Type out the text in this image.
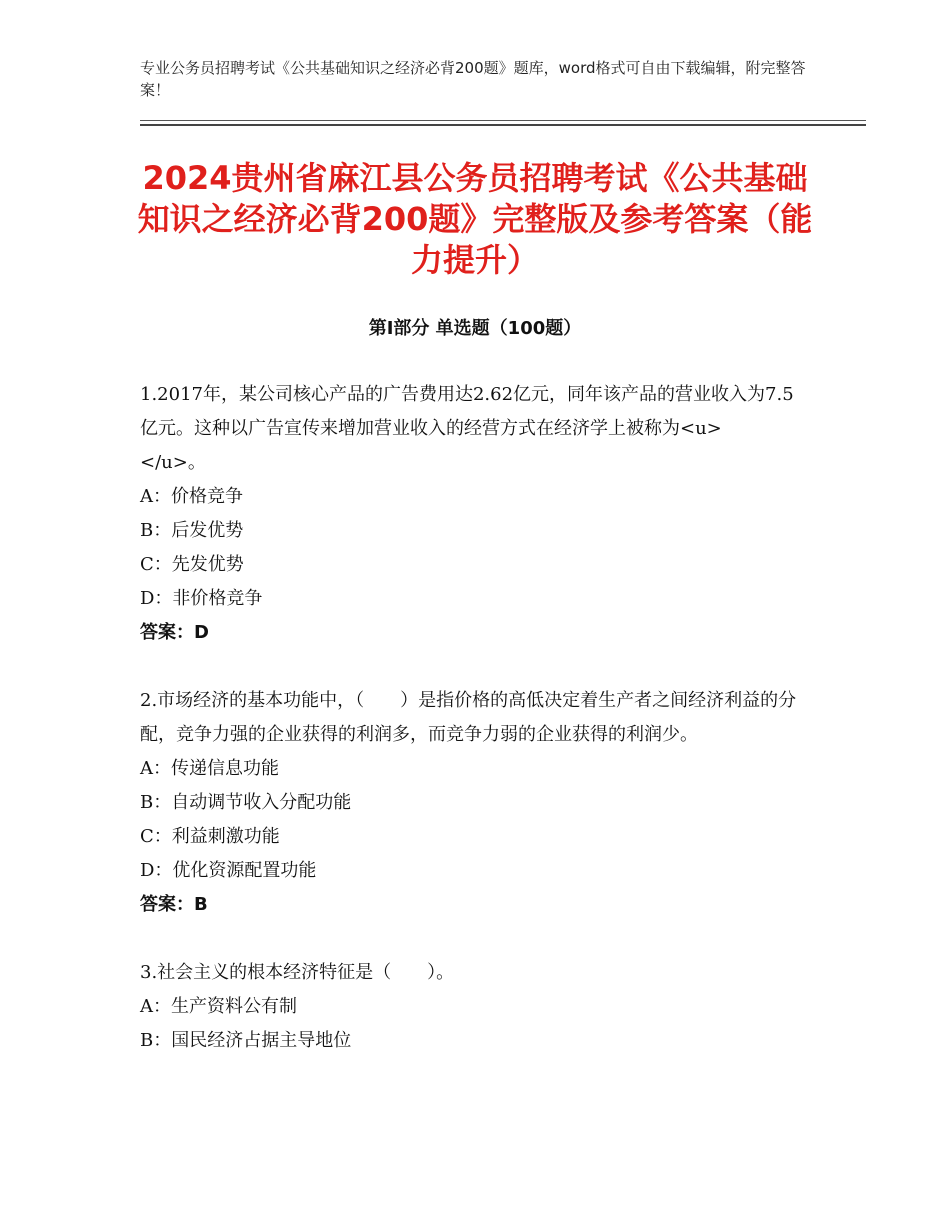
专业公务员招聘考试《公共基础知识之经济必背200题》题库，word格式可自由下载编辑，附完整答案！
2024贵州省麻江县公务员招聘考试《公共基础知识之经济必背200题》完整版及参考答案（能力提升）
第Ⅰ部分 单选题（100题）

1.2017年，某公司核心产品的广告费用达2.62亿元，同年该产品的营业收入为7.5亿元。这种以广告宣传来增加营业收入的经营方式在经济学上被称为<u>        </u>。

A：价格竞争

B：后发优势

C：先发优势

D：非价格竞争

答案：D

2.市场经济的基本功能中，（　　）是指价格的高低决定着生产者之间经济利益的分配，竞争力强的企业获得的利润多，而竞争力弱的企业获得的利润少。

A：传递信息功能

B：自动调节收入分配功能

C：利益刺激功能

D：优化资源配置功能

答案：B

3.社会主义的根本经济特征是（　　）。

A：生产资料公有制

B：国民经济占据主导地位
